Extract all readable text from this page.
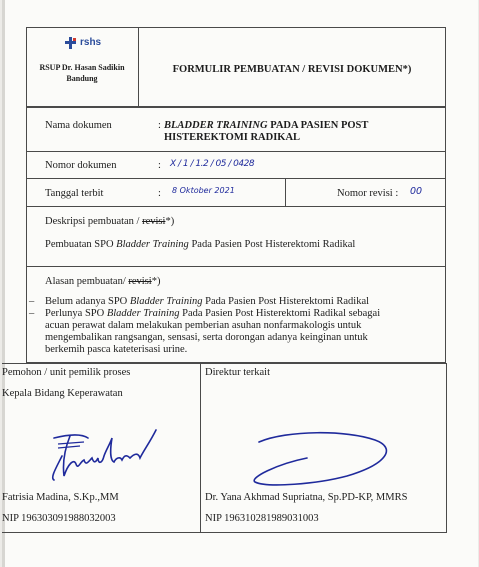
rshs
RSUP Dr. Hasan Sadikin
Bandung
FORMULIR PEMBUATAN / REVISI DOKUMEN*)
Nama dokumen	: BLADDER TRAINING PADA PASIEN POST
HISTEREKTOMI RADIKAL
Nomor dokumen	: X / 1 / 1.2 / 05 / 0428
Tanggal terbit	: 8 Oktober 2021	Nomor revisi : 00
Deskripsi pembuatan / revisi*)
Pembuatan SPO Bladder Training Pada Pasien Post Histerektomi Radikal
Alasan pembuatan/ revisi*)
– Belum adanya SPO Bladder Training Pada Pasien Post Histerektomi Radikal
– Perlunya SPO Bladder Training Pada Pasien Post Histerektomi Radikal sebagai
acuan perawat dalam melakukan pemberian asuhan nonfarmakologis untuk
mengembalikan rangsangan, sensasi, serta dorongan adanya keinginan untuk
berkemih pasca kateterisasi urine.
Pemohon / unit pemilik proses
Kepala Bidang Keperawatan
Fatrisia Madina, S.Kp.,MM
NIP 196303091988032003
Direktur terkait
Dr. Yana Akhmad Supriatna, Sp.PD-KP, MMRS
NIP 196310281989031003
